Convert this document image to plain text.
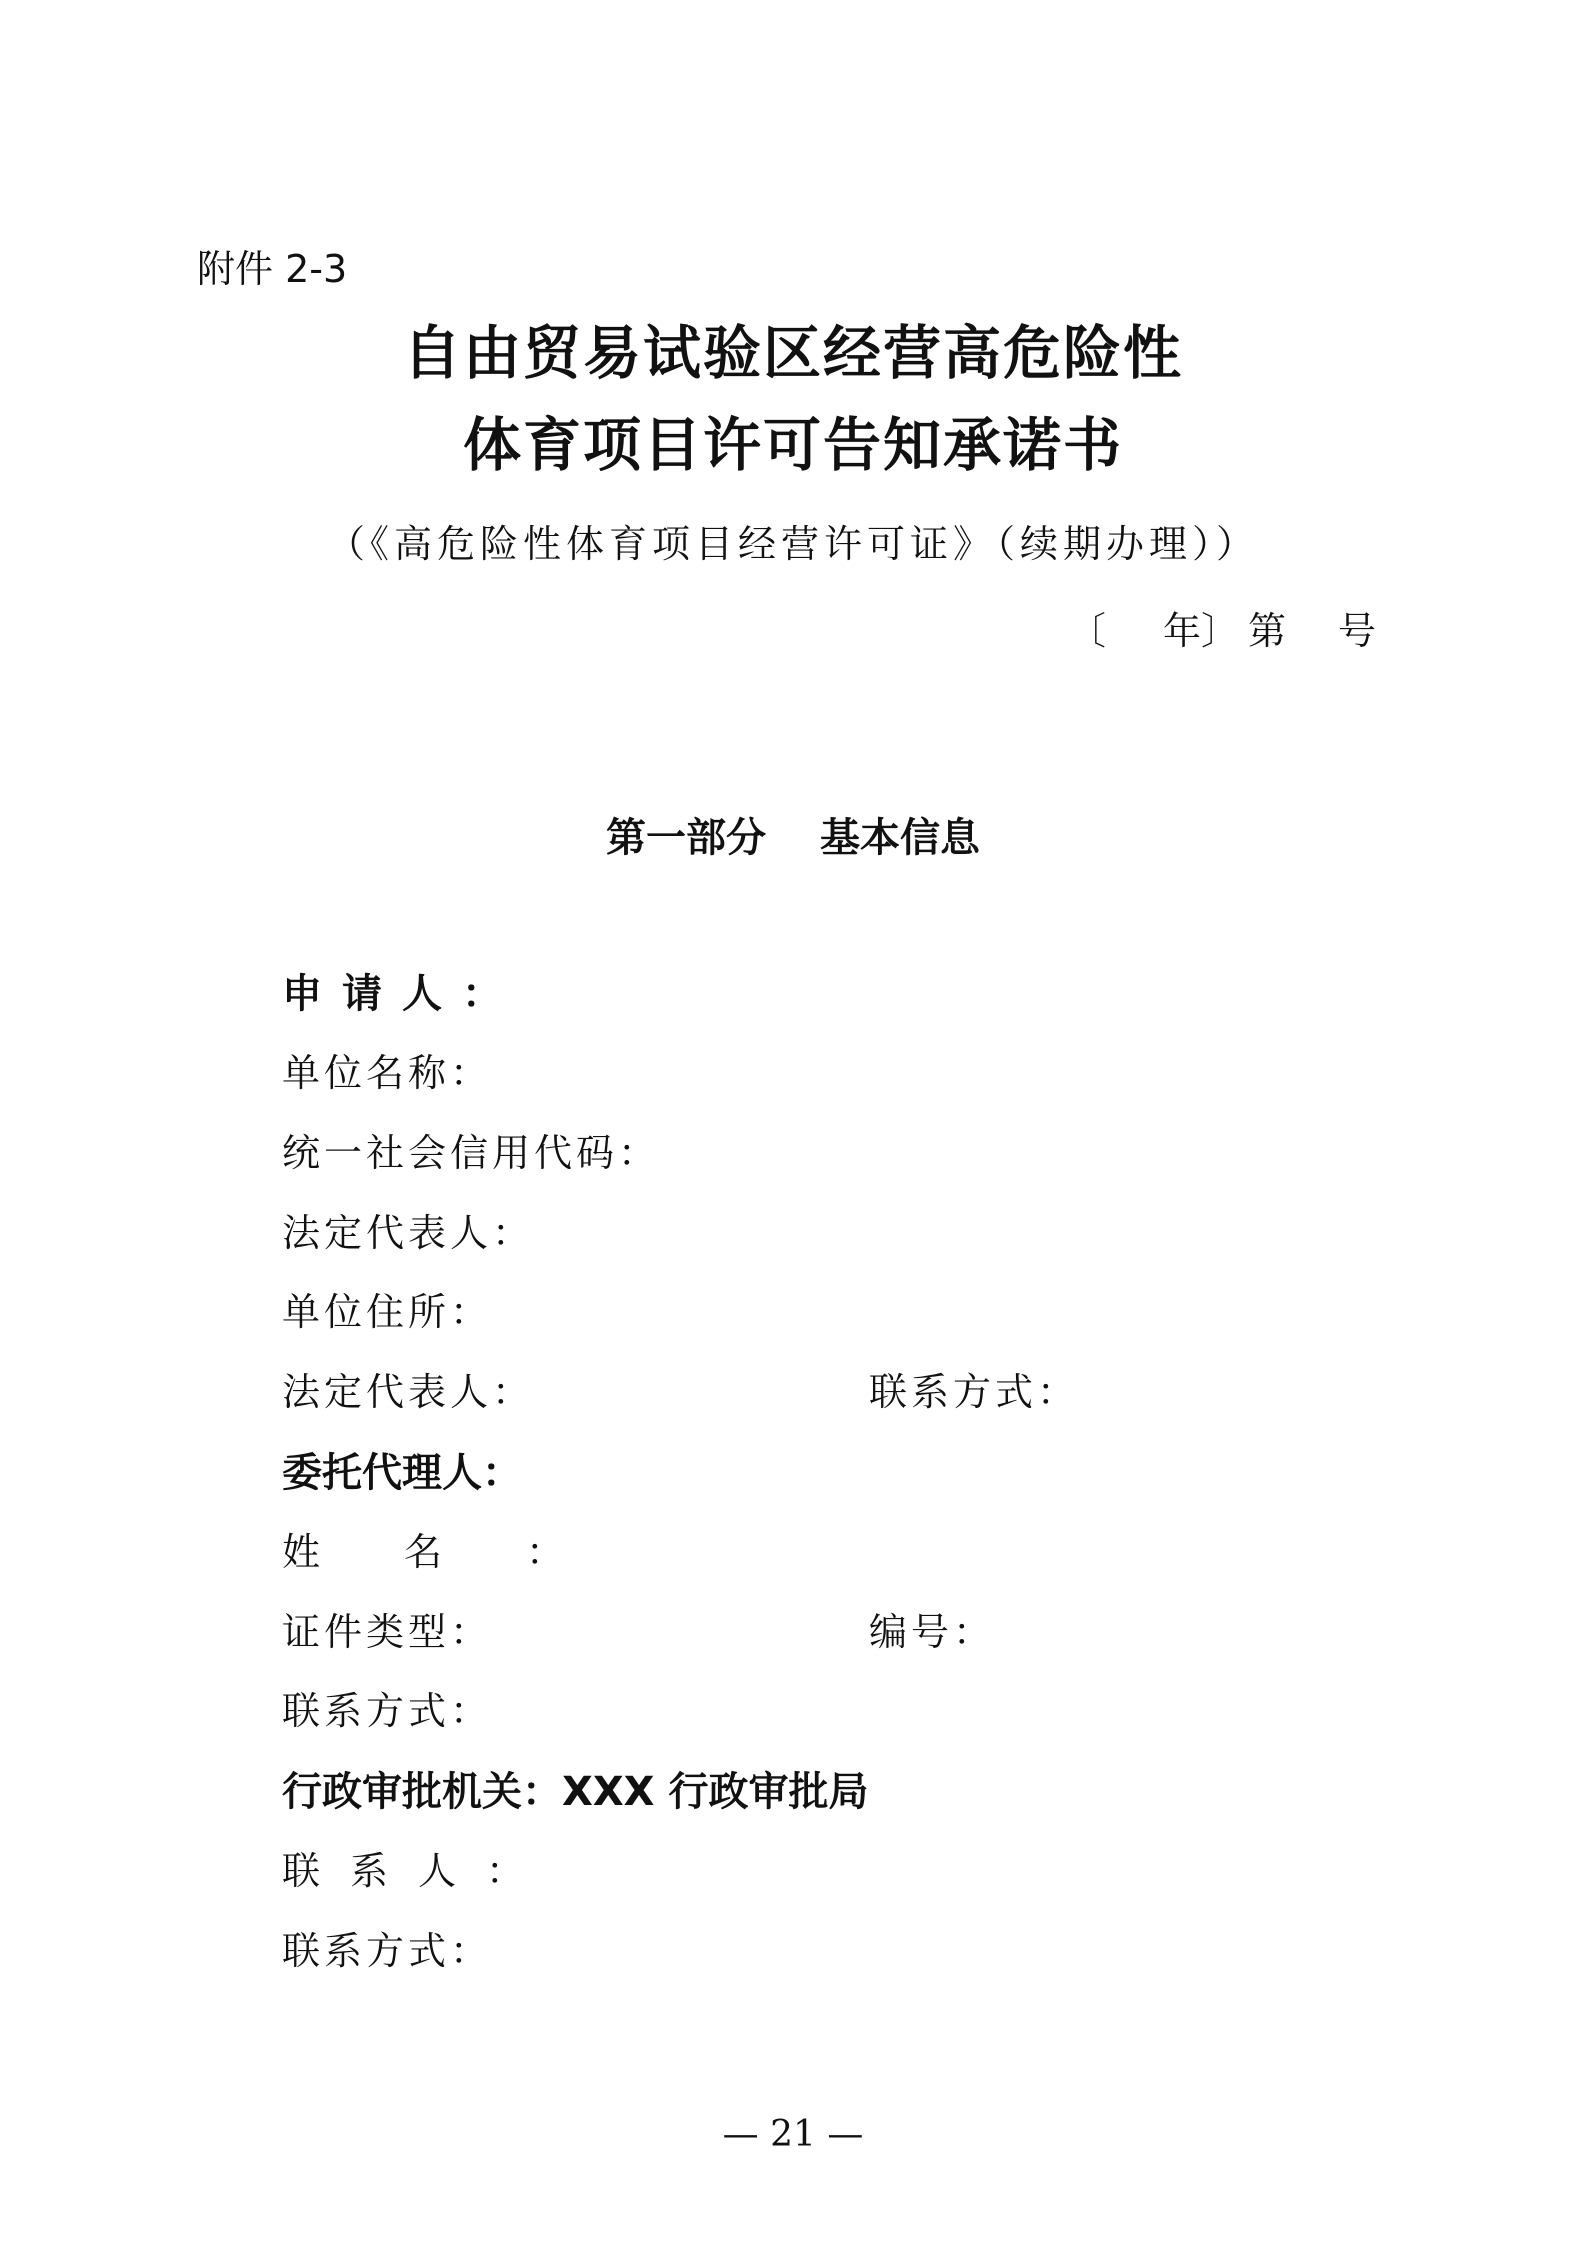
附件 2-3
自由贸易试验区经营高危险性
体育项目许可告知承诺书
（《高危险性体育项目经营许可证》（续期办理））
〔 年〕 第 号
第一部分 基本信息
申请人：
单位名称：
统一社会信用代码：
法定代表人：
单位住所：
法定代表人：	联系方式：
委托代理人：
姓名：
证件类型：	编号：
联系方式：
行政审批机关：XXX 行政审批局
联系人：
联系方式：
— 21 —
